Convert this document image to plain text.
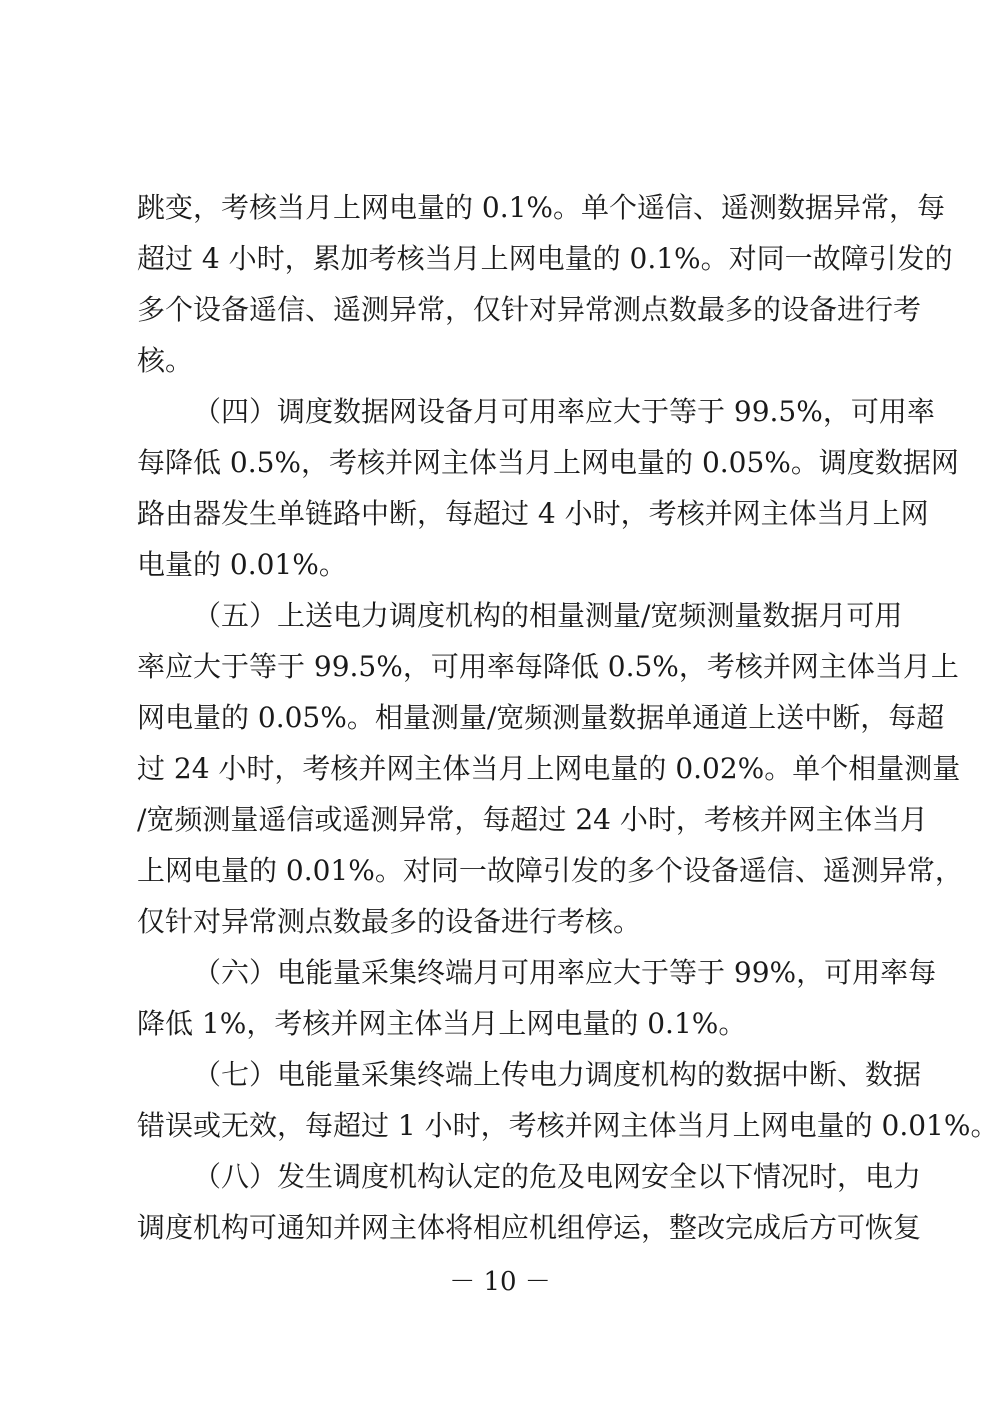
跳变，考核当月上网电量的 0.1%。单个遥信、遥测数据异常，每
超过 4 小时，累加考核当月上网电量的 0.1%。对同一故障引发的
多个设备遥信、遥测异常，仅针对异常测点数最多的设备进行考
核。
（四）调度数据网设备月可用率应大于等于 99.5%，可用率
每降低 0.5%，考核并网主体当月上网电量的 0.05%。调度数据网
路由器发生单链路中断，每超过 4 小时，考核并网主体当月上网
电量的 0.01%。
（五）上送电力调度机构的相量测量/宽频测量数据月可用
率应大于等于 99.5%，可用率每降低 0.5%，考核并网主体当月上
网电量的 0.05%。相量测量/宽频测量数据单通道上送中断，每超
过 24 小时，考核并网主体当月上网电量的 0.02%。单个相量测量
/宽频测量遥信或遥测异常，每超过 24 小时，考核并网主体当月
上网电量的 0.01%。对同一故障引发的多个设备遥信、遥测异常，
仅针对异常测点数最多的设备进行考核。
（六）电能量采集终端月可用率应大于等于 99%，可用率每
降低 1%，考核并网主体当月上网电量的 0.1%。
（七）电能量采集终端上传电力调度机构的数据中断、数据
错误或无效，每超过 1 小时，考核并网主体当月上网电量的 0.01%。
（八）发生调度机构认定的危及电网安全以下情况时，电力
调度机构可通知并网主体将相应机组停运，整改完成后方可恢复
－ 10 －
